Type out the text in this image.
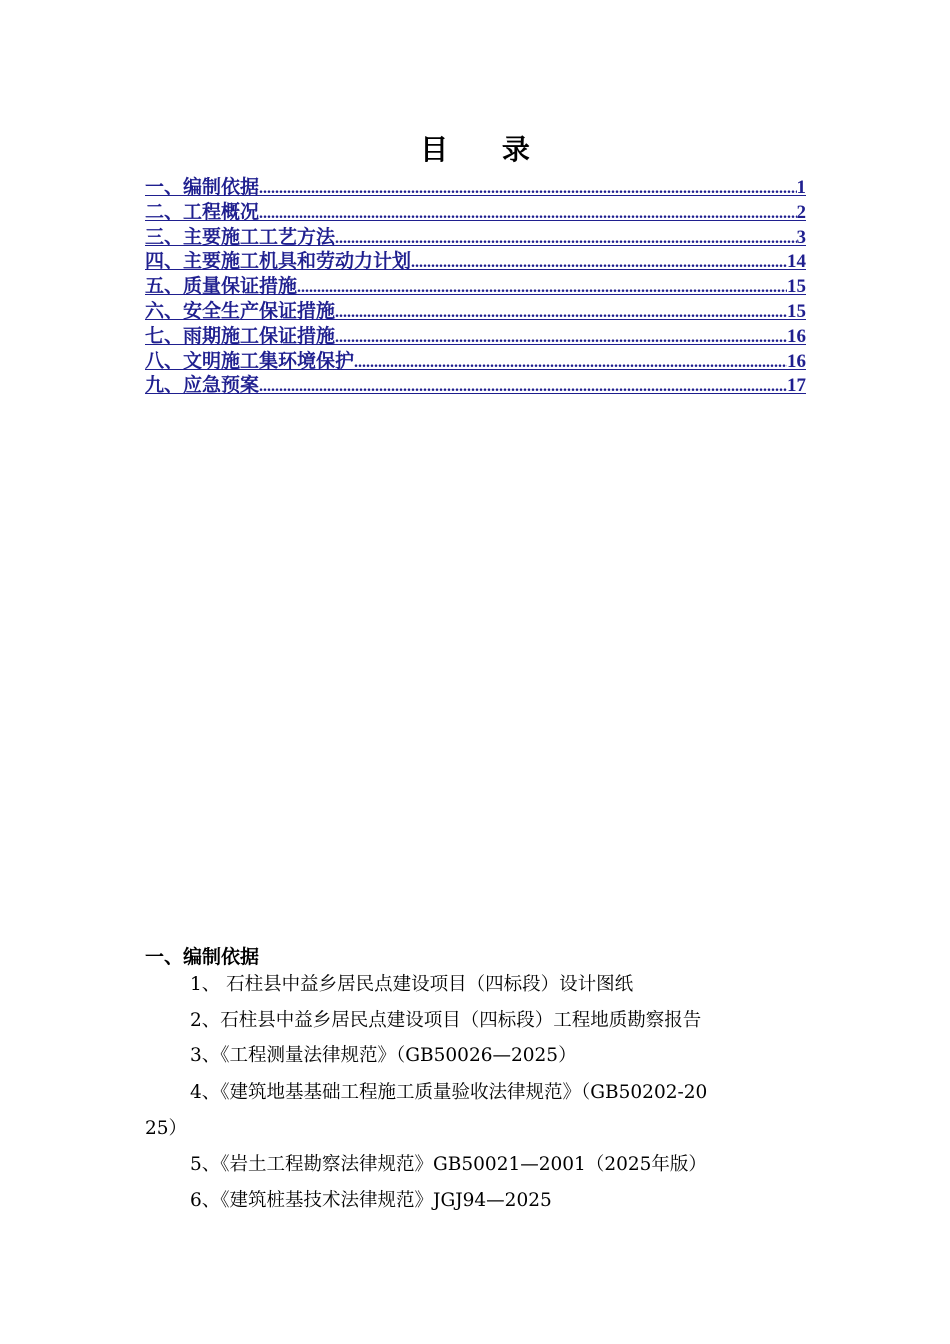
目 录
一、编制依据 .....	1
二、工程概况 .....	2
三、主要施工工艺方法 .....	3
四、主要施工机具和劳动力计划 .....	14
五、质量保证措施 .....	15
六、安全生产保证措施 .....	15
七、雨期施工保证措施 .....	16
八、文明施工集环境保护 .....	16
九、应急预案 .....	17
一、编制依据
1、 石柱县中益乡居民点建设项目（四标段）设计图纸
2、石柱县中益乡居民点建设项目（四标段）工程地质勘察报告
3、《工程测量法律规范》（GB50026—2025）
4、《建筑地基基础工程施工质量验收法律规范》（GB50202-20
25）
5、《岩土工程勘察法律规范》GB50021—2001（2025年版）
6、《建筑桩基技术法律规范》JGJ94—2025
